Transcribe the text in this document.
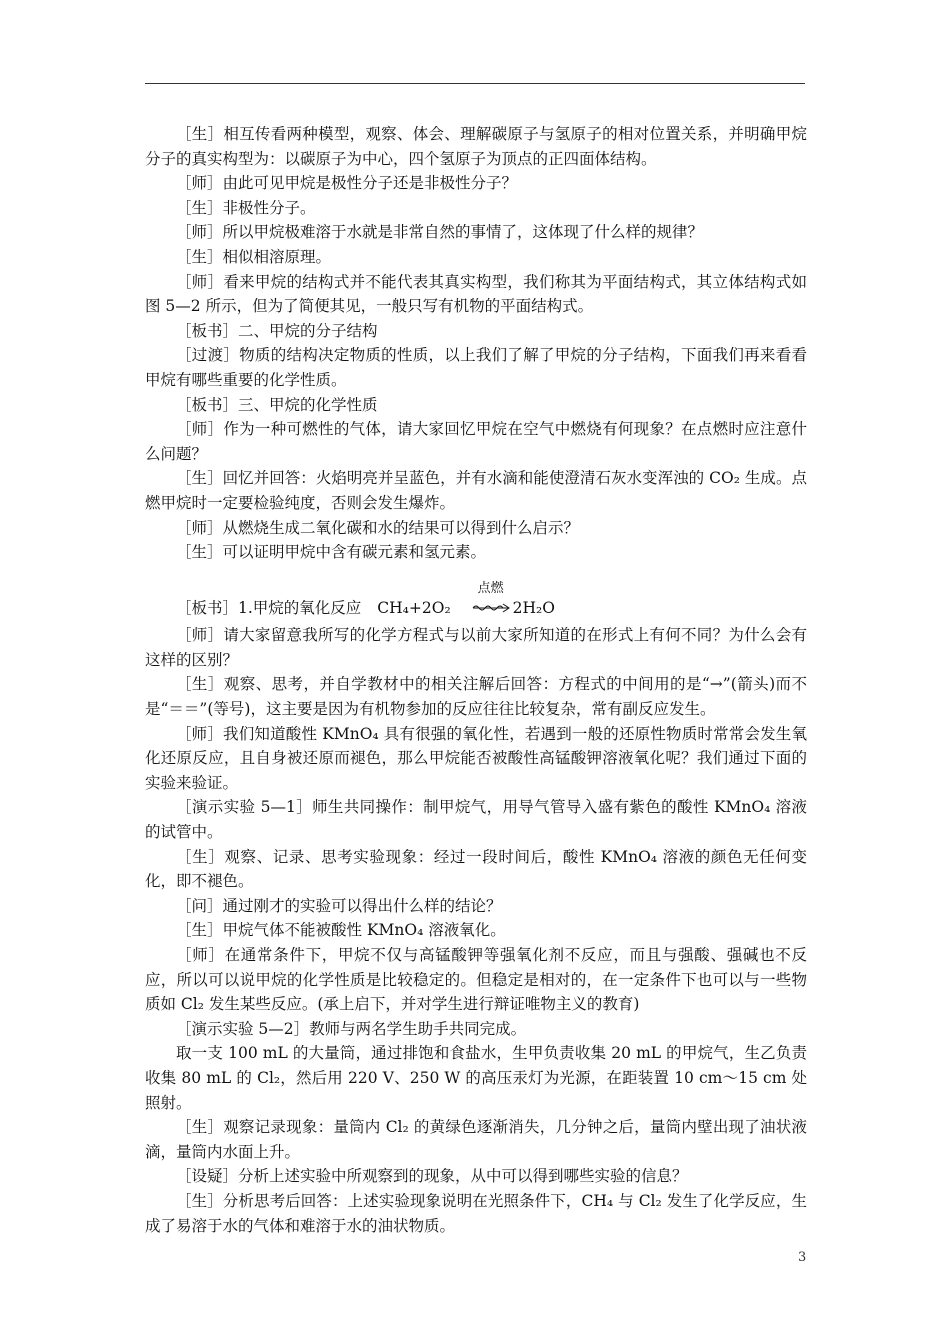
［生］相互传看两种模型，观察、体会、理解碳原子与氢原子的相对位置关系，并明确甲烷分子的真实构型为：以碳原子为中心，四个氢原子为顶点的正四面体结构。

［师］由此可见甲烷是极性分子还是非极性分子？

［生］非极性分子。

［师］所以甲烷极难溶于水就是非常自然的事情了，这体现了什么样的规律？

［生］相似相溶原理。

［师］看来甲烷的结构式并不能代表其真实构型，我们称其为平面结构式，其立体结构式如图 5—2 所示，但为了简便其见，一般只写有机物的平面结构式。

［板书］二、甲烷的分子结构

［过渡］物质的结构决定物质的性质，以上我们了解了甲烷的分子结构，下面我们再来看看甲烷有哪些重要的化学性质。

［板书］三、甲烷的化学性质

［师］作为一种可燃性的气体，请大家回忆甲烷在空气中燃烧有何现象？在点燃时应注意什么问题？

［生］回忆并回答：火焰明亮并呈蓝色，并有水滴和能使澄清石灰水变浑浊的 CO₂ 生成。点燃甲烷时一定要检验纯度，否则会发生爆炸。

［师］从燃烧生成二氧化碳和水的结果可以得到什么启示？

［生］可以证明甲烷中含有碳元素和氢元素。

［板书］1.甲烷的氧化反应 CH₄+2O₂
点燃
2H₂O

［师］请大家留意我所写的化学方程式与以前大家所知道的在形式上有何不同？为什么会有这样的区别？

［生］观察、思考，并自学教材中的相关注解后回答：方程式的中间用的是“→”(箭头)而不是“＝＝”(等号)，这主要是因为有机物参加的反应往往比较复杂，常有副反应发生。

［师］我们知道酸性 KMnO₄ 具有很强的氧化性，若遇到一般的还原性物质时常常会发生氧化还原反应，且自身被还原而褪色，那么甲烷能否被酸性高锰酸钾溶液氧化呢？我们通过下面的实验来验证。

［演示实验 5—1］师生共同操作：制甲烷气，用导气管导入盛有紫色的酸性 KMnO₄ 溶液的试管中。

［生］观察、记录、思考实验现象：经过一段时间后，酸性 KMnO₄ 溶液的颜色无任何变化，即不褪色。

［问］通过刚才的实验可以得出什么样的结论？

［生］甲烷气体不能被酸性 KMnO₄ 溶液氧化。

［师］在通常条件下，甲烷不仅与高锰酸钾等强氧化剂不反应，而且与强酸、强碱也不反应，所以可以说甲烷的化学性质是比较稳定的。但稳定是相对的，在一定条件下也可以与一些物质如 Cl₂ 发生某些反应。(承上启下，并对学生进行辩证唯物主义的教育)

［演示实验 5—2］教师与两名学生助手共同完成。

取一支 100 mL 的大量筒，通过排饱和食盐水，生甲负责收集 20 mL 的甲烷气，生乙负责收集 80 mL 的 Cl₂，然后用 220 V、250 W 的高压汞灯为光源，在距装置 10 cm～15 cm 处照射。

［生］观察记录现象：量筒内 Cl₂ 的黄绿色逐渐消失，几分钟之后，量筒内壁出现了油状液滴，量筒内水面上升。

［设疑］分析上述实验中所观察到的现象，从中可以得到哪些实验的信息？

［生］分析思考后回答：上述实验现象说明在光照条件下，CH₄ 与 Cl₂ 发生了化学反应，生成了易溶于水的气体和难溶于水的油状物质。

3
